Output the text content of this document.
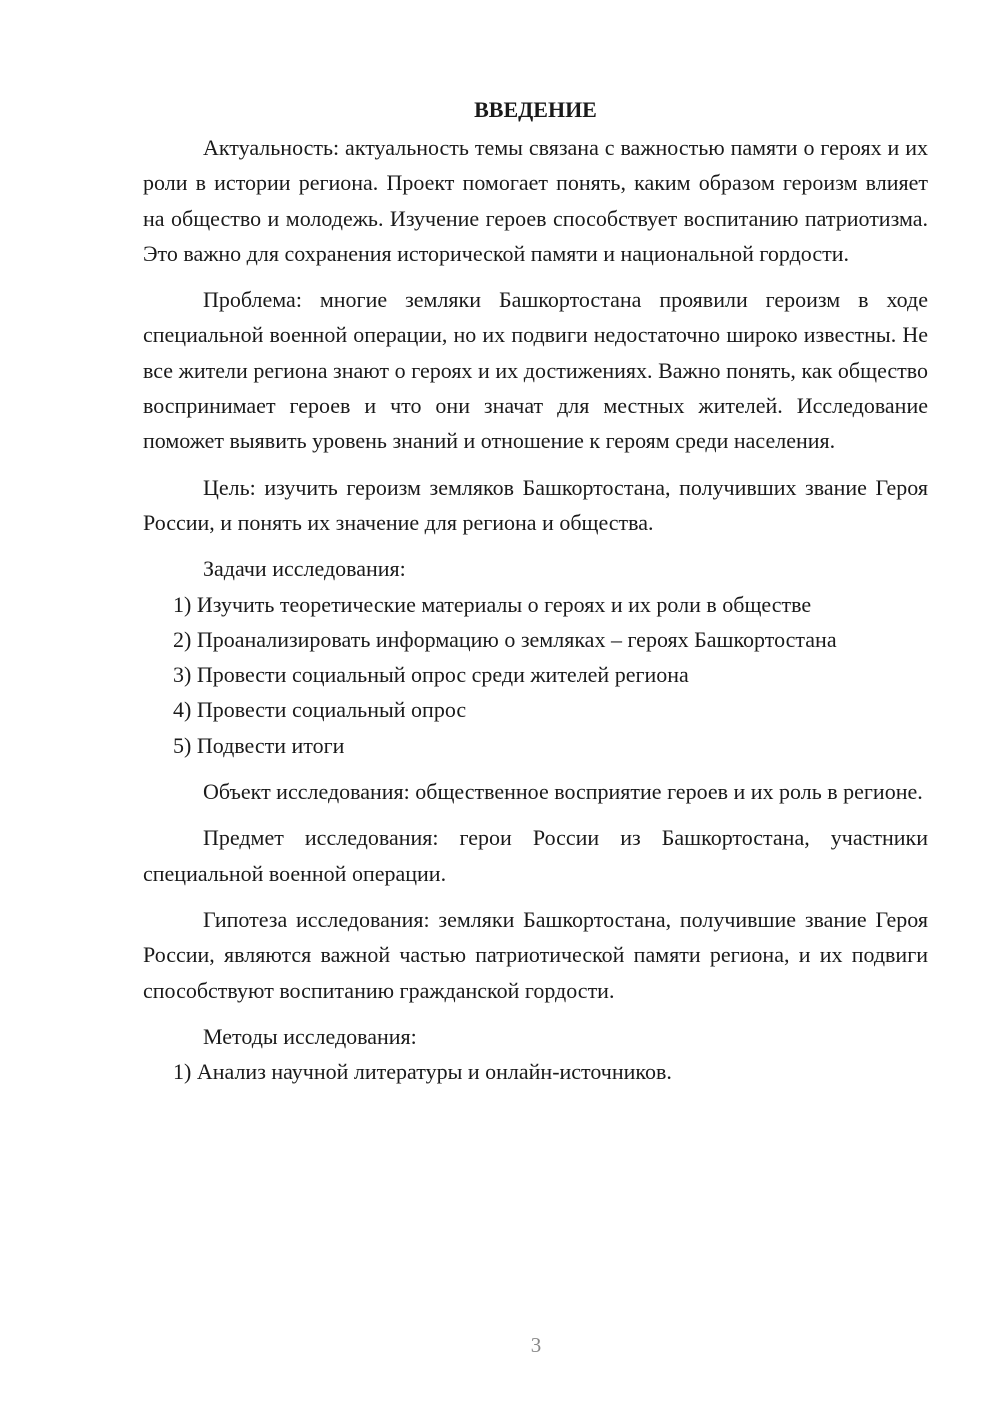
ВВЕДЕНИЕ

Актуальность: актуальность темы связана с важностью памяти о героях и их роли в истории региона. Проект помогает понять, каким образом героизм влияет на общество и молодежь. Изучение героев способствует воспитанию патриотизма. Это важно для сохранения исторической памяти и национальной гордости.

Проблема: многие земляки Башкортостана проявили героизм в ходе специальной военной операции, но их подвиги недостаточно широко известны. Не все жители региона знают о героях и их достижениях. Важно понять, как общество воспринимает героев и что они значат для местных жителей. Исследование поможет выявить уровень знаний и отношение к героям среди населения.

Цель: изучить героизм земляков Башкортостана, получивших звание Героя России, и понять их значение для региона и общества.

Задачи исследования:

1) Изучить теоретические материалы о героях и их роли в обществе

2) Проанализировать информацию о земляках – героях Башкортостана

3) Провести социальный опрос среди жителей региона

4) Провести социальный опрос

5) Подвести итоги

Объект исследования: общественное восприятие героев и их роль в регионе.

Предмет исследования: герои России из Башкортостана, участники специальной военной операции.

Гипотеза исследования: земляки Башкортостана, получившие звание Героя России, являются важной частью патриотической памяти региона, и их подвиги способствуют воспитанию гражданской гордости.

Методы исследования:

1) Анализ научной литературы и онлайн-источников.

3
